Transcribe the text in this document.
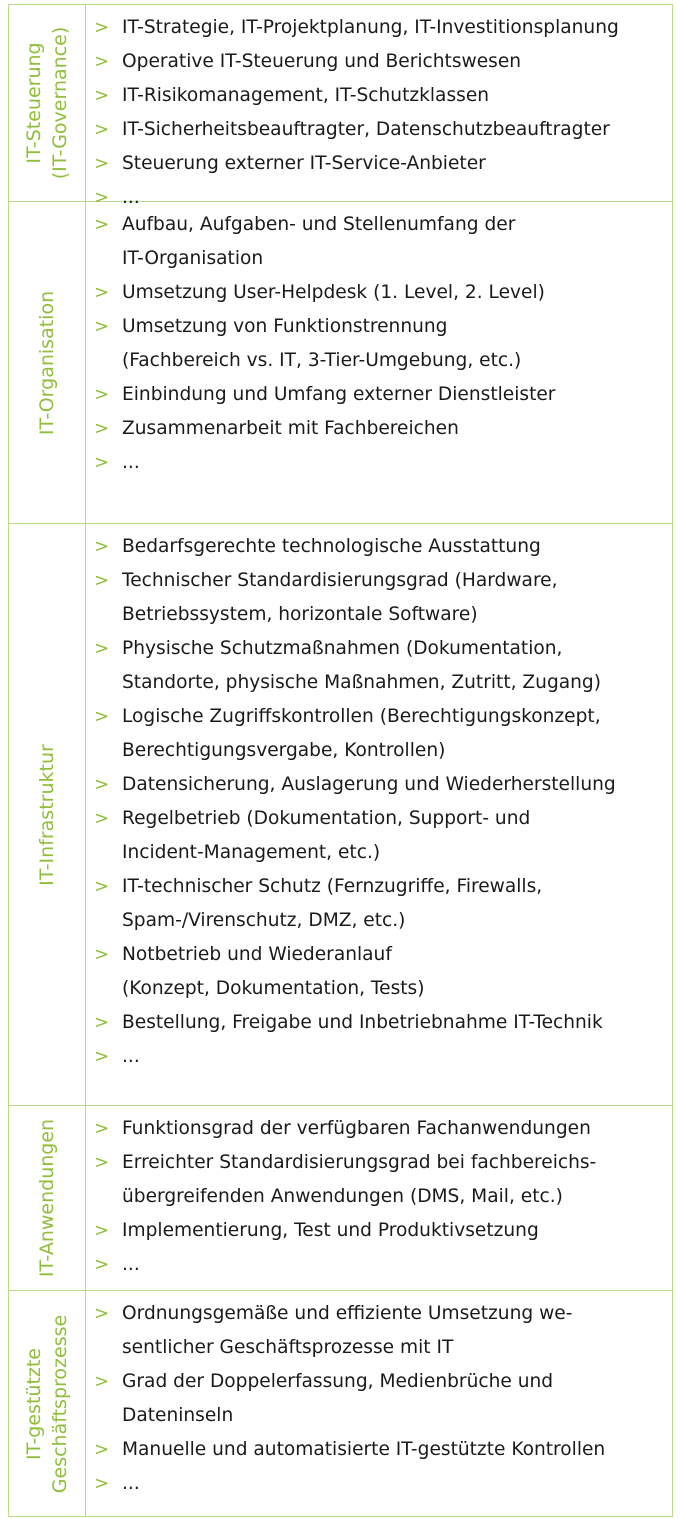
IT-Steuerung
(IT-Governance) > IT-Strategie, IT-Projektplanung, IT-Investitionsplanung
> Operative IT-Steuerung und Berichtswesen
> IT-Risikomanagement, IT-Schutzklassen
> IT-Sicherheitsbeauftragter, Datenschutzbeauftragter
> Steuerung externer IT-Service-Anbieter
> ...
IT-Organisation
> Aufbau, Aufgaben- und Stellenumfang der
IT-Organisation
> Umsetzung User-Helpdesk (1. Level, 2. Level)
> Umsetzung von Funktionstrennung
(Fachbereich vs. IT, 3-Tier-Umgebung, etc.)
> Einbindung und Umfang externer Dienstleister
> Zusammenarbeit mit Fachbereichen
> ...
IT-Infrastruktur
> Bedarfsgerechte technologische Ausstattung
> Technischer Standardisierungsgrad (Hardware,
Betriebssystem, horizontale Software)
> Physische Schutzmaßnahmen (Dokumentation,
Standorte, physische Maßnahmen, Zutritt, Zugang)
> Logische Zugriffskontrollen (Berechtigungskonzept,
Berechtigungsvergabe, Kontrollen)
> Datensicherung, Auslagerung und Wiederherstellung
> Regelbetrieb (Dokumentation, Support- und
Incident-Management, etc.)
> IT-technischer Schutz (Fernzugriffe, Firewalls,
Spam-/Virenschutz, DMZ, etc.)
> Notbetrieb und Wiederanlauf
(Konzept, Dokumentation, Tests)
> Bestellung, Freigabe und Inbetriebnahme IT-Technik
> ...
IT-Anwendungen > Funktionsgrad der verfügbaren Fachanwendungen
> Erreichter Standardisierungsgrad bei fachbereichs-
übergreifenden Anwendungen (DMS, Mail, etc.)
> Implementierung, Test und Produktivsetzung
> ...
IT-gestützte
Geschäftsprozesse
> Ordnungsgemäße und effiziente Umsetzung we-
sentlicher Geschäftsprozesse mit IT
> Grad der Doppelerfassung, Medienbrüche und
Dateninseln
> Manuelle und automatisierte IT-gestützte Kontrollen
> ...
